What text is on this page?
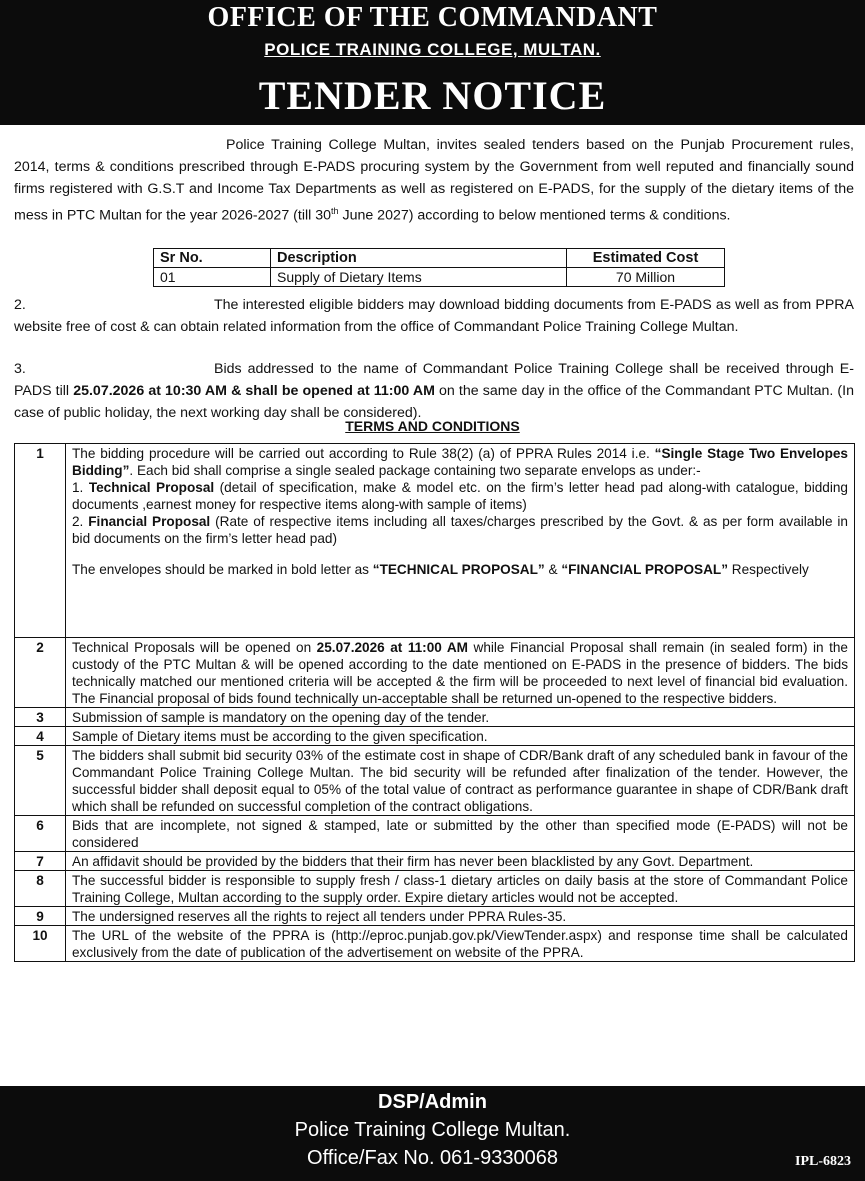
OFFICE OF THE COMMANDANT
POLICE TRAINING COLLEGE, MULTAN.
TENDER NOTICE
Police Training College Multan, invites sealed tenders based on the Punjab Procurement rules, 2014, terms & conditions prescribed through E-PADS procuring system by the Government from well reputed and financially sound firms registered with G.S.T and Income Tax Departments as well as registered on E-PADS, for the supply of the dietary items of the mess in PTC Multan for the year 2026-2027 (till 30th June 2027) according to below mentioned terms & conditions.
Sr No.	Description	Estimated Cost
01	Supply of Dietary Items	70 Million
2.	The interested eligible bidders may download bidding documents from E-PADS as well as from PPRA website free of cost & can obtain related information from the office of Commandant Police Training College Multan.
3.	Bids addressed to the name of Commandant Police Training College shall be received through E-PADS till 25.07.2026 at 10:30 AM & shall be opened at 11:00 AM on the same day in the office of the Commandant PTC Multan. (In case of public holiday, the next working day shall be considered).
TERMS AND CONDITIONS
1	The bidding procedure will be carried out according to Rule 38(2) (a) of PPRA Rules 2014 i.e. “Single Stage Two Envelopes Bidding”. Each bid shall comprise a single sealed package containing two separate envelops as under:-
1. Technical Proposal (detail of specification, make & model etc. on the firm’s letter head pad along-with catalogue, bidding documents ,earnest money for respective items along-with sample of items)
2. Financial Proposal (Rate of respective items including all taxes/charges prescribed by the Govt. & as per form available in bid documents on the firm’s letter head pad)

The envelopes should be marked in bold letter as “TECHNICAL PROPOSAL” & “FINANCIAL PROPOSAL” Respectively
2	Technical Proposals will be opened on 25.07.2026 at 11:00 AM while Financial Proposal shall remain (in sealed form) in the custody of the PTC Multan & will be opened according to the date mentioned on E-PADS in the presence of bidders. The bids technically matched our mentioned criteria will be accepted & the firm will be proceeded to next level of financial bid evaluation. The Financial proposal of bids found technically un-acceptable shall be returned un-opened to the respective bidders.
3	Submission of sample is mandatory on the opening day of the tender.
4	Sample of Dietary items must be according to the given specification.
5	The bidders shall submit bid security 03% of the estimate cost in shape of CDR/Bank draft of any scheduled bank in favour of the Commandant Police Training College Multan. The bid security will be refunded after finalization of the tender. However, the successful bidder shall deposit equal to 05% of the total value of contract as performance guarantee in shape of CDR/Bank draft which shall be refunded on successful completion of the contract obligations.
6	Bids that are incomplete, not signed & stamped, late or submitted by the other than specified mode (E-PADS) will not be considered
7	An affidavit should be provided by the bidders that their firm has never been blacklisted by any Govt. Department.
8	The successful bidder is responsible to supply fresh / class-1 dietary articles on daily basis at the store of Commandant Police Training College, Multan according to the supply order. Expire dietary articles would not be accepted.
9	The undersigned reserves all the rights to reject all tenders under PPRA Rules-35.
10	The URL of the website of the PPRA is (http://eproc.punjab.gov.pk/ViewTender.aspx) and response time shall be calculated exclusively from the date of publication of the advertisement on website of the PPRA.
DSP/Admin
Police Training College Multan.
Office/Fax No. 061-9330068	IPL-6823
